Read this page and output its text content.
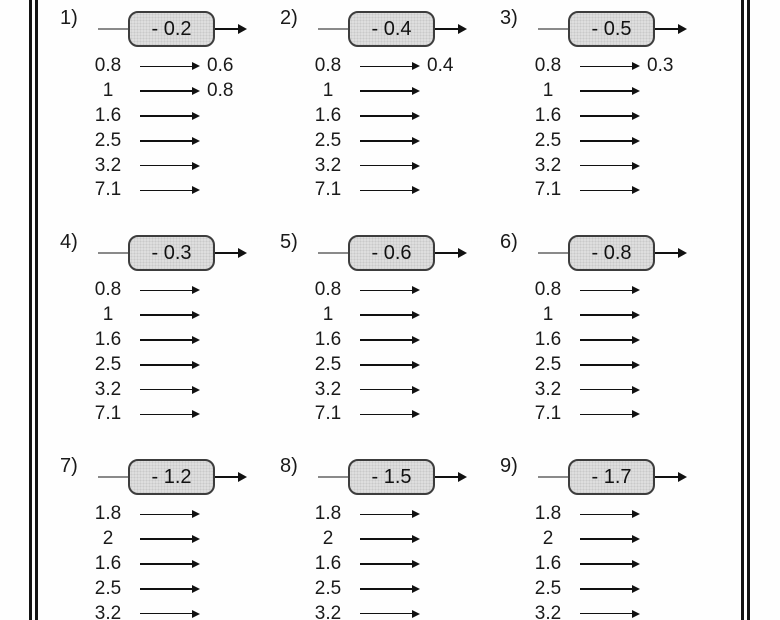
1)	- 0.2
0.8	0.6
1	0.8
1.6
2.5
3.2
7.1
2)	- 0.4
0.8	0.4
1
1.6
2.5
3.2
7.1
3)	- 0.5
0.8	0.3
1
1.6
2.5
3.2
7.1
4)	- 0.3
0.8
1
1.6
2.5
3.2
7.1
5)	- 0.6
0.8
1
1.6
2.5
3.2
7.1
6)	- 0.8
0.8
1
1.6
2.5
3.2
7.1
7)	- 1.2
1.8
2
1.6
2.5
3.2
8)	- 1.5
1.8
2
1.6
2.5
3.2
9)	- 1.7
1.8
2
1.6
2.5
3.2
